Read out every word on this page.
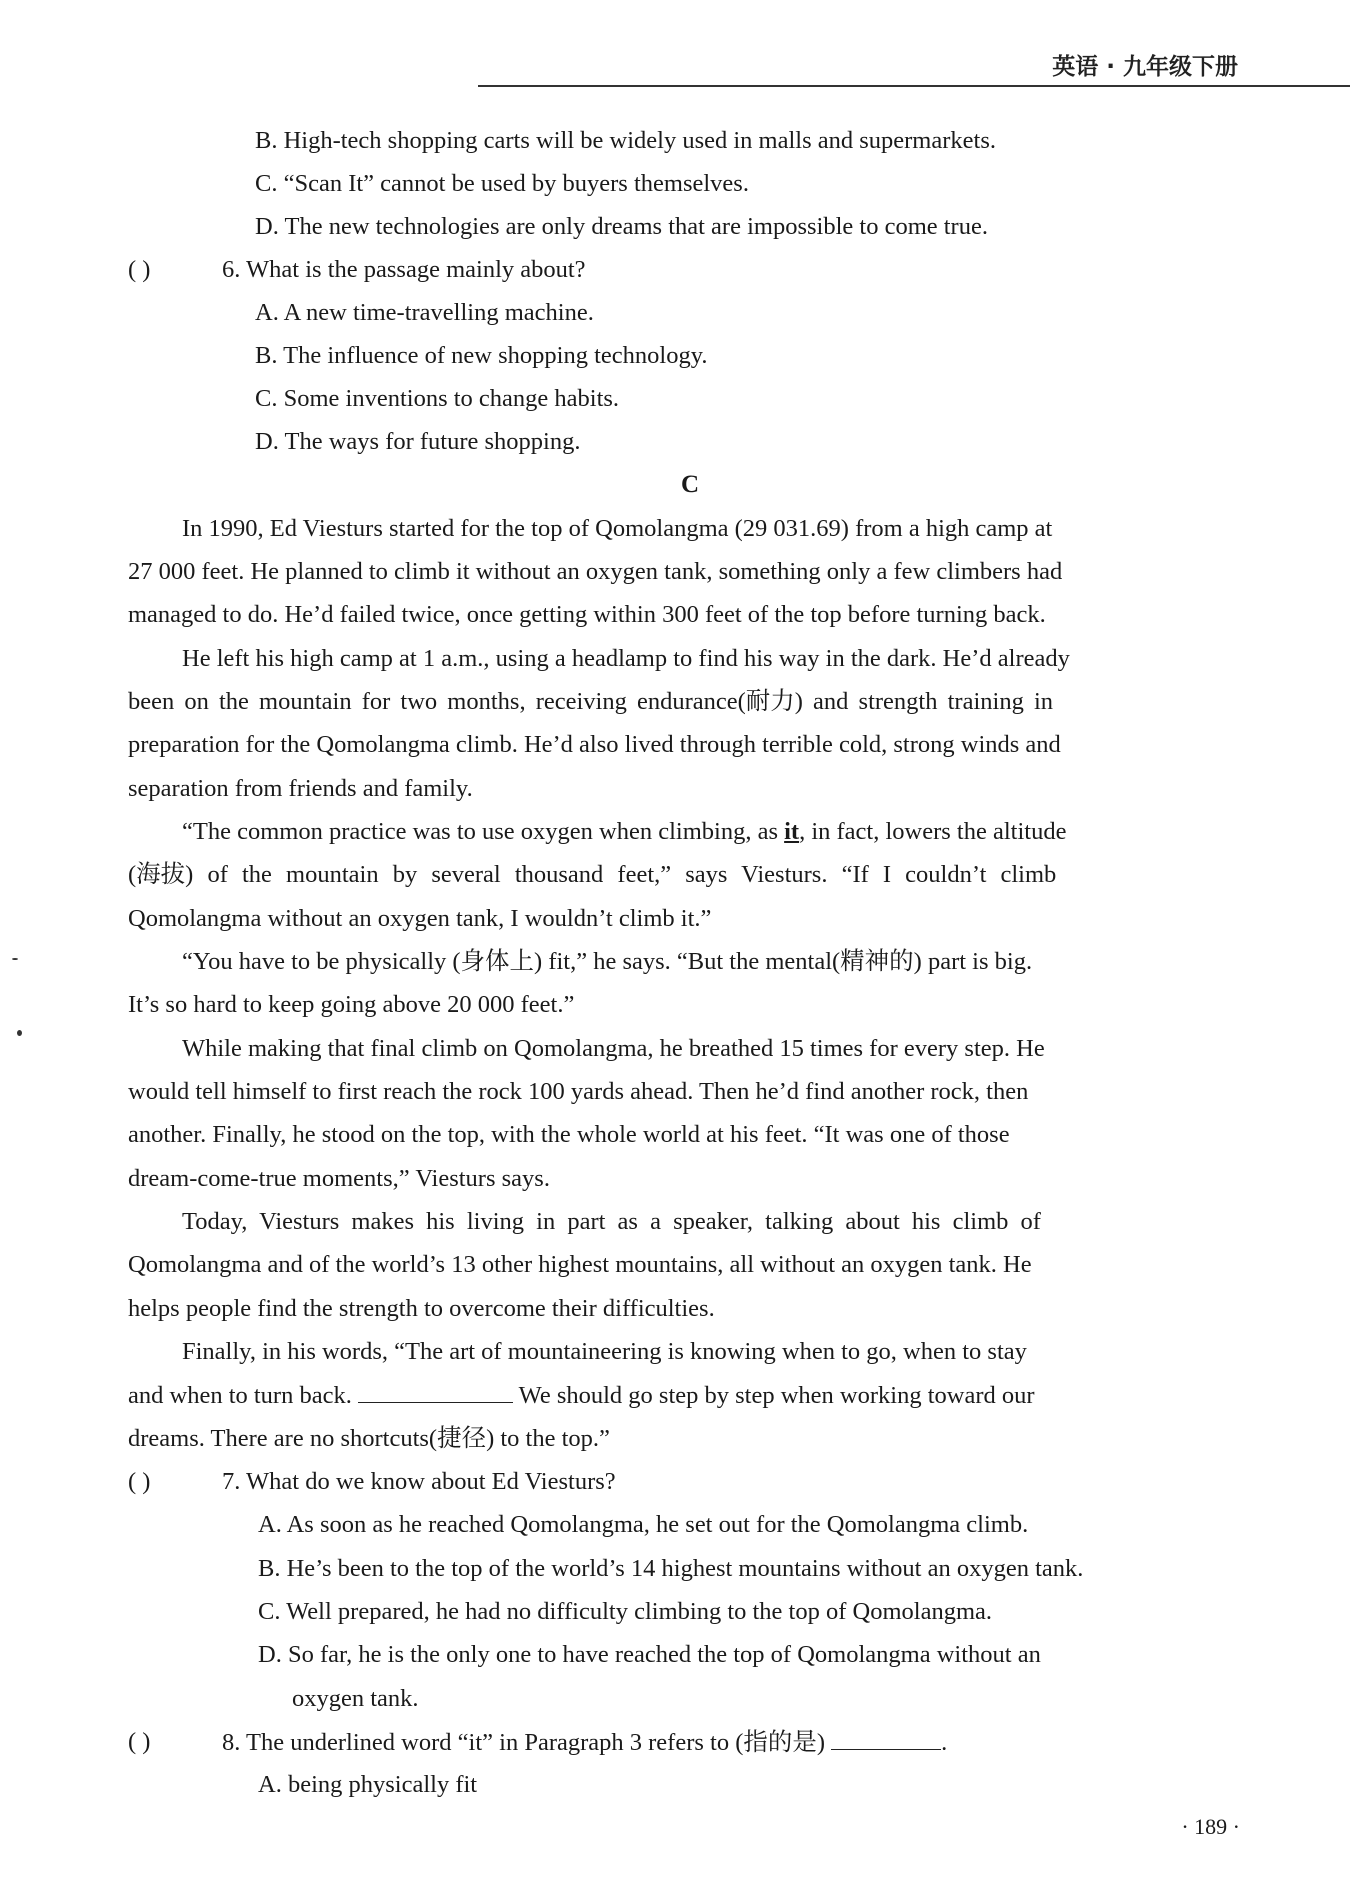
英语 · 九年级下册
B. High-tech shopping carts will be widely used in malls and supermarkets.
C. “Scan It” cannot be used by buyers themselves.
D. The new technologies are only dreams that are impossible to come true.
( )	6. What is the passage mainly about?
A. A new time-travelling machine.
B. The influence of new shopping technology.
C. Some inventions to change habits.
D. The ways for future shopping.
C
In 1990, Ed Viesturs started for the top of Qomolangma (29 031.69) from a high camp at
27 000 feet. He planned to climb it without an oxygen tank, something only a few climbers had
managed to do. He’d failed twice, once getting within 300 feet of the top before turning back.
He left his high camp at 1 a.m., using a headlamp to find his way in the dark. He’d already
been on the mountain for two months, receiving endurance(耐力) and strength training in
preparation for the Qomolangma climb. He’d also lived through terrible cold, strong winds and
separation from friends and family.
“The common practice was to use oxygen when climbing, as it, in fact, lowers the altitude
(海拔) of the mountain by several thousand feet,” says Viesturs. “If I couldn’t climb
Qomolangma without an oxygen tank, I wouldn’t climb it.”
“You have to be physically (身体上) fit,” he says. “But the mental(精神的) part is big.
It’s so hard to keep going above 20 000 feet.”
While making that final climb on Qomolangma, he breathed 15 times for every step. He
would tell himself to first reach the rock 100 yards ahead. Then he’d find another rock, then
another. Finally, he stood on the top, with the whole world at his feet. “It was one of those
dream-come-true moments,” Viesturs says.
Today, Viesturs makes his living in part as a speaker, talking about his climb of
Qomolangma and of the world’s 13 other highest mountains, all without an oxygen tank. He
helps people find the strength to overcome their difficulties.
Finally, in his words, “The art of mountaineering is knowing when to go, when to stay
and when to turn back.	We should go step by step when working toward our
dreams. There are no shortcuts(捷径) to the top.”
( )	7. What do we know about Ed Viesturs?
A. As soon as he reached Qomolangma, he set out for the Qomolangma climb.
B. He’s been to the top of the world’s 14 highest mountains without an oxygen tank.
C. Well prepared, he had no difficulty climbing to the top of Qomolangma.
D. So far, he is the only one to have reached the top of Qomolangma without an
oxygen tank.
( )	8. The underlined word “it” in Paragraph 3 refers to (指的是)	.
A. being physically fit
· 189 ·
